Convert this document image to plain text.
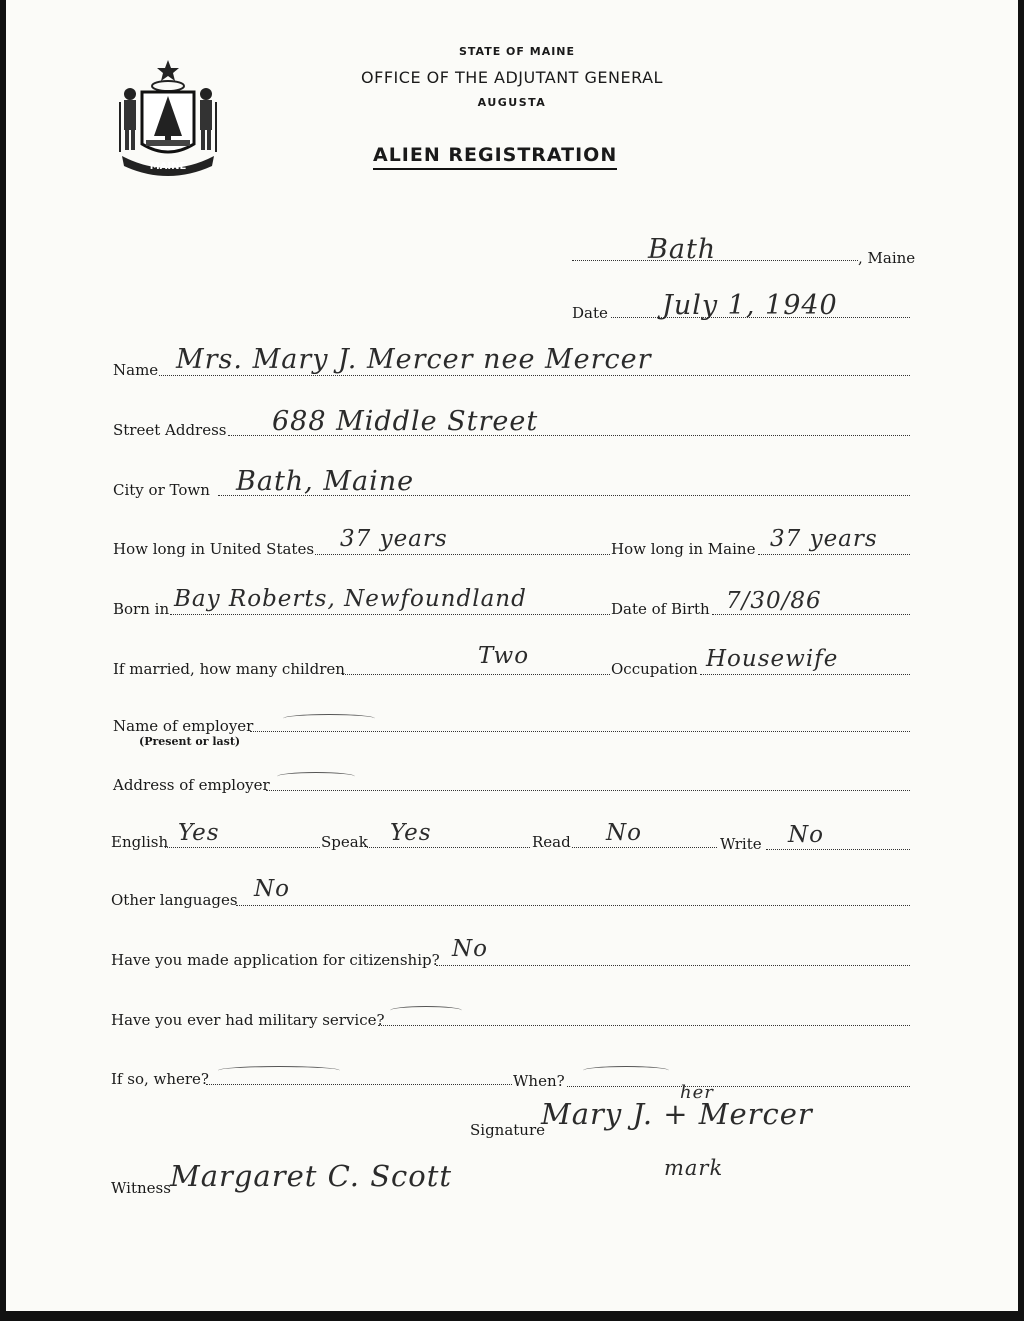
MAINE
STATE OF MAINE
OFFICE OF THE ADJUTANT GENERAL
AUGUSTA
ALIEN REGISTRATION
Bath	, Maine
Date July 1, 1940
Name Mrs. Mary J. Mercer nee Mercer
Street Address 688 Middle Street
City or Town Bath, Maine
How long in United States 37 years	How long in Maine 37 years
Born in Bay Roberts, Newfoundland	Date of Birth 7/30/86
If married, how many children	Two	Occupation Housewife
Name of employer
(Present or last)
Address of employer
English Yes	Speak Yes	Read No	Write No
Other languages No
Have you made application for citizenship? No
Have you ever had military service?
If so, where?	When?
Signature
her
Mary J. + Mercer
mark
Witness Margaret C. Scott
